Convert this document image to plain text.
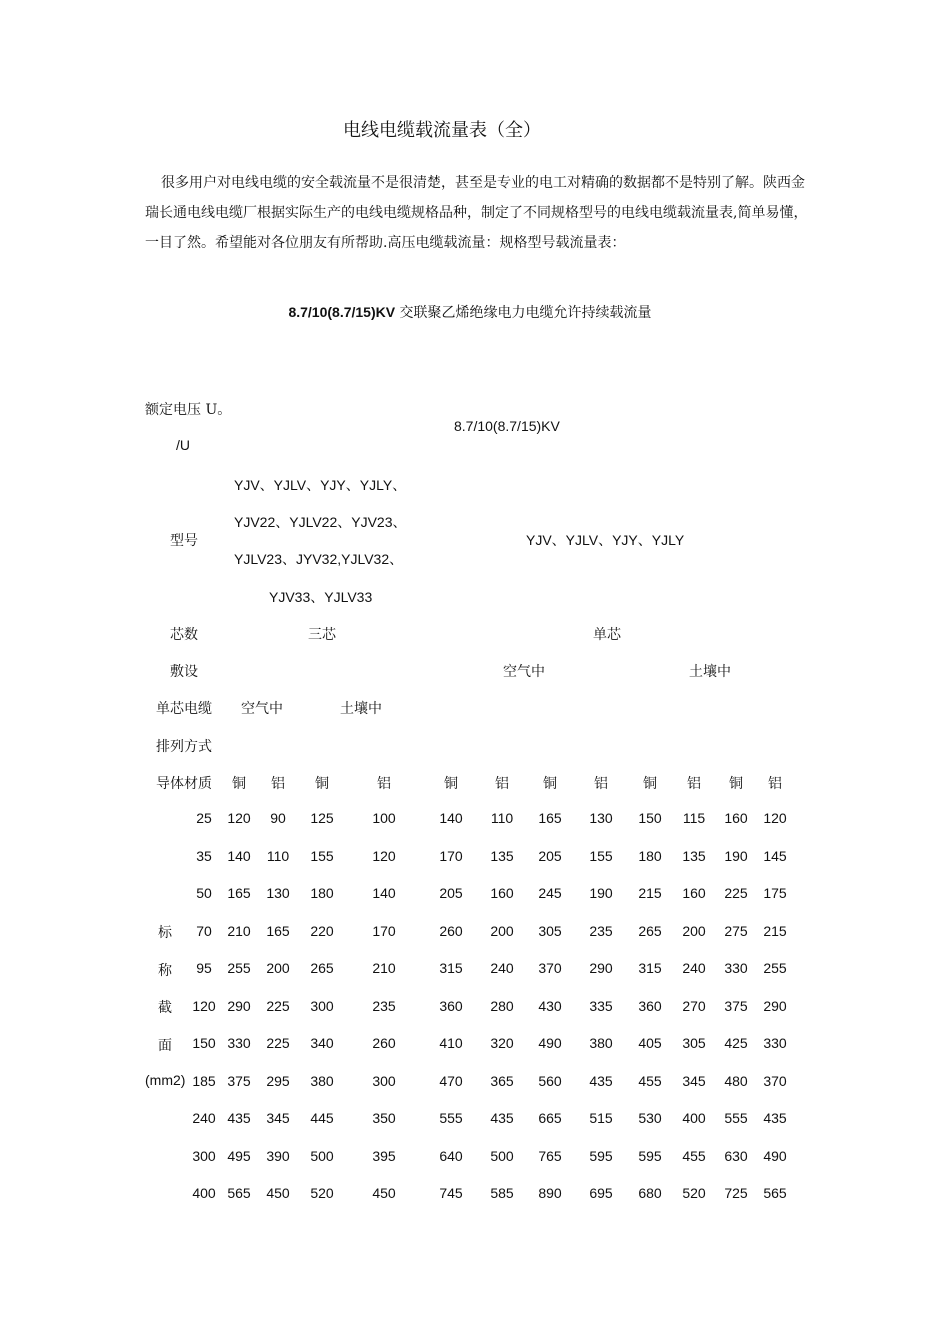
电线电缆载流量表（全）
很多用户对电线电缆的安全载流量不是很清楚，甚至是专业的电工对精确的数据都不是特别了解。陕西金瑞长通电线电缆厂根据实际生产的电线电缆规格品种，制定了不同规格型号的电线电缆载流量表,简单易懂，一目了然。希望能对各位朋友有所帮助.高压电缆载流量：规格型号载流量表：
8.7/10(8.7/15)KV 交联聚乙烯绝缘电力电缆允许持续载流量
额定电压 U。
/U
8.7/10(8.7/15)KV
型号
YJV、YJLV、YJY、YJLY、
YJV22、YJLV22、YJV23、
YJLV23、JYV32,YJLV32、
YJV33、YJLV33
YJV、YJLV、YJY、YJLY
芯数	三芯	单芯
敷设	空气中	土壤中
单芯电缆
排列方式
空气中	土壤中
导体材质
标
称
截
面
(mm2)
铜	铝	铜	铝	铜	铝	铜	铝	铜	铝	铜	铝
25	120	90	125	100	140	110	165	130	150	115	160	120
35	140	110	155	120	170	135	205	155	180	135	190	145
50	165	130	180	140	205	160	245	190	215	160	225	175
70	210	165	220	170	260	200	305	235	265	200	275	215
95	255	200	265	210	315	240	370	290	315	240	330	255
120 290	225	300	235	360	280	430	335	360	270	375	290
150 330	225	340	260	410	320	490	380	405	305	425	330
185 375	295	380	300	470	365	560	435	455	345	480	370
240 435	345	445	350	555	435	665	515	530	400	555	435
300 495	390	500	395	640	500	765	595	595	455	630	490
400 565	450	520	450	745	585	890	695	680	520	725	565
